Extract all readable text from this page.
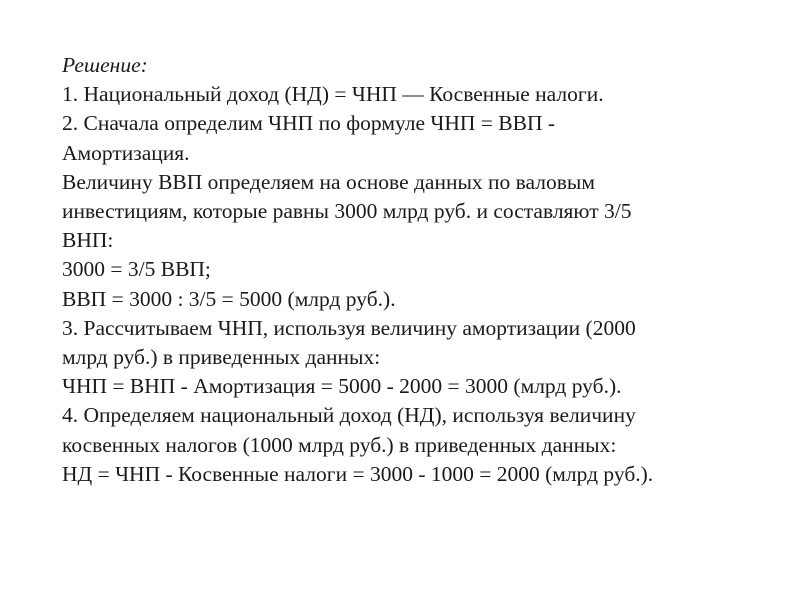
Решение:
1. Национальный доход (НД) = ЧНП — Косвенные налоги.
2. Сначала определим ЧНП по формуле ЧНП = ВВП -
Амортизация.
Величину ВВП определяем на основе данных по валовым
инвестициям, которые равны 3000 млрд руб. и составляют 3/5
ВНП:
3000 = 3/5 ВВП;
ВВП = 3000 : 3/5 = 5000 (млрд руб.).
3. Рассчитываем ЧНП, используя величину амортизации (2000
млрд руб.) в приведенных данных:
ЧНП = ВНП - Амортизация = 5000 - 2000 = 3000 (млрд руб.).
4. Определяем национальный доход (НД), используя величину
косвенных налогов (1000 млрд руб.) в приведенных данных:
НД = ЧНП - Косвенные налоги = 3000 - 1000 = 2000 (млрд руб.).
